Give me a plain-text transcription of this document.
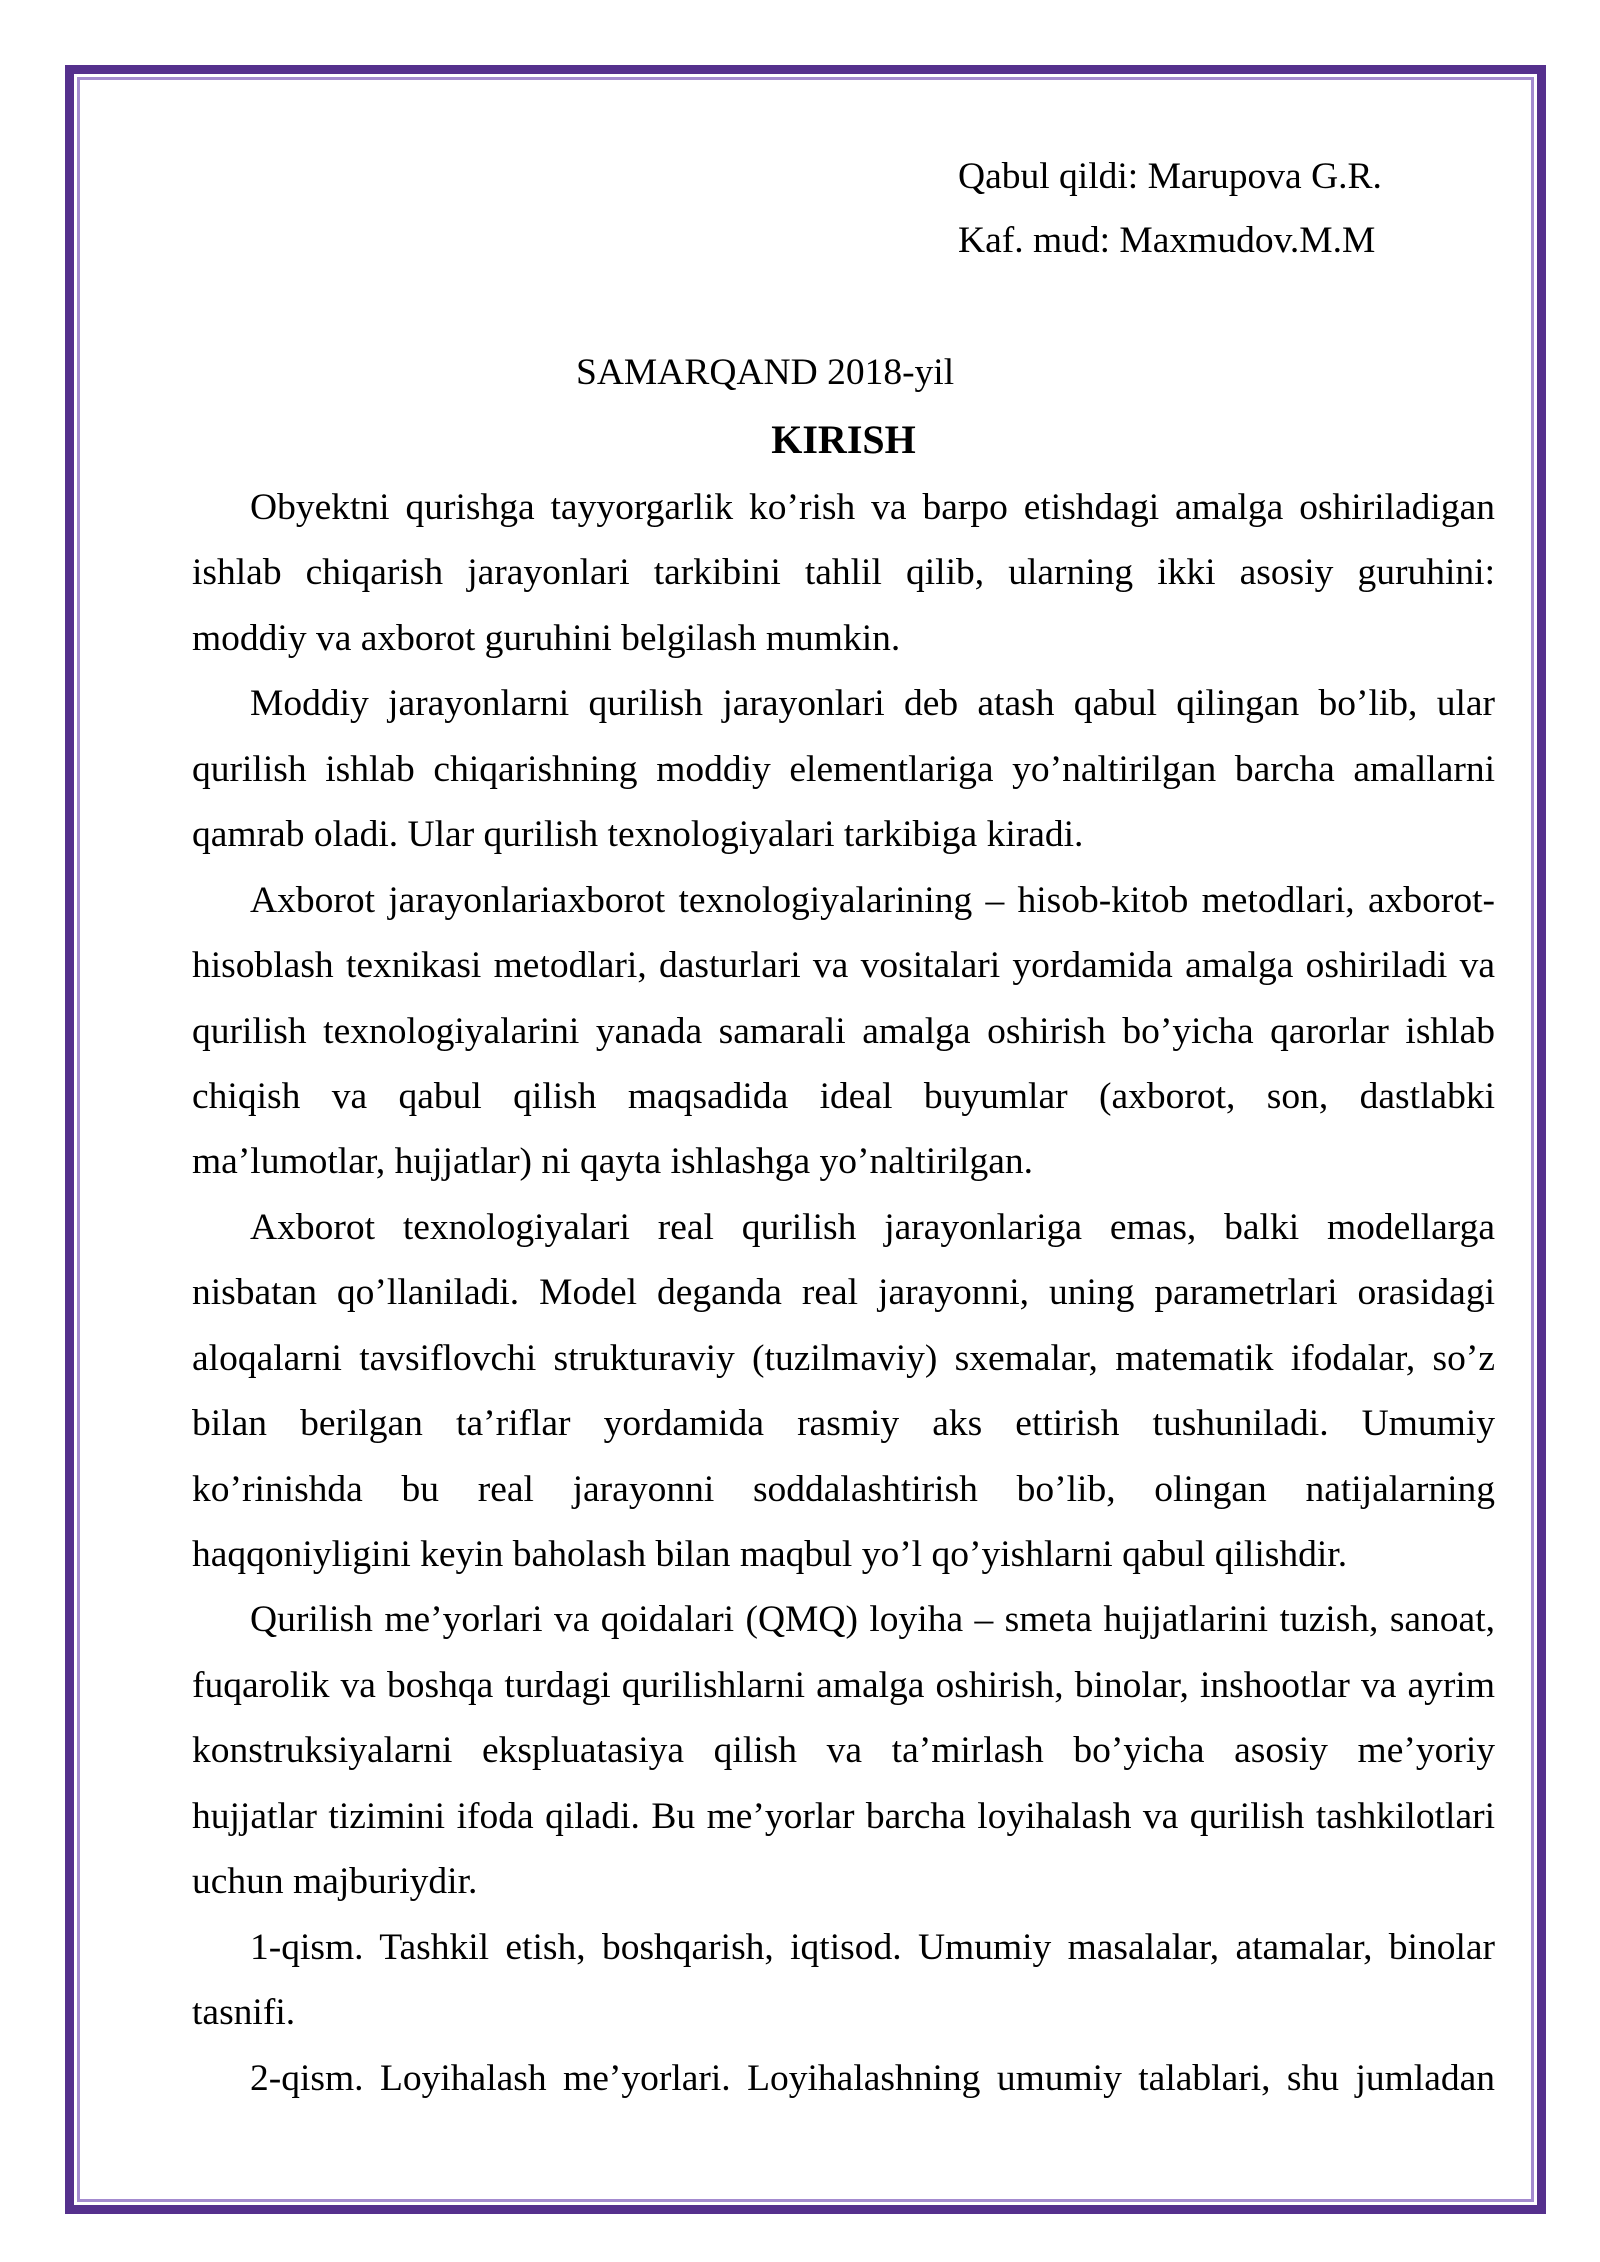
Qabul qildi: Marupova G.R.
Kaf. mud: Maxmudov.M.M
SAMARQAND 2018-yil
KIRISH
Obyektni qurishga tayyorgarlik ko’rish va barpo etishdagi amalga oshiriladigan
ishlab chiqarish jarayonlari tarkibini tahlil qilib, ularning ikki asosiy guruhini:
moddiy va axborot guruhini belgilash mumkin.
Moddiy jarayonlarni qurilish jarayonlari deb atash qabul qilingan bo’lib, ular
qurilish ishlab chiqarishning moddiy elementlariga yo’naltirilgan barcha amallarni
qamrab oladi. Ular qurilish texnologiyalari tarkibiga kiradi.
Axborot jarayonlariaxborot texnologiyalarining – hisob-kitob metodlari, axborot-
hisoblash texnikasi metodlari, dasturlari va vositalari yordamida amalga oshiriladi va
qurilish texnologiyalarini yanada samarali amalga oshirish bo’yicha qarorlar ishlab
chiqish va qabul qilish maqsadida ideal buyumlar (axborot, son, dastlabki
ma’lumotlar, hujjatlar) ni qayta ishlashga yo’naltirilgan.
Axborot texnologiyalari real qurilish jarayonlariga emas, balki modellarga
nisbatan qo’llaniladi. Model deganda real jarayonni, uning parametrlari orasidagi
aloqalarni tavsiflovchi strukturaviy (tuzilmaviy) sxemalar, matematik ifodalar, so’z
bilan berilgan ta’riflar yordamida rasmiy aks ettirish tushuniladi. Umumiy
ko’rinishda bu real jarayonni soddalashtirish bo’lib, olingan natijalarning
haqqoniyligini keyin baholash bilan maqbul yo’l qo’yishlarni qabul qilishdir.
Qurilish me’yorlari va qoidalari (QMQ) loyiha – smeta hujjatlarini tuzish, sanoat,
fuqarolik va boshqa turdagi qurilishlarni amalga oshirish, binolar, inshootlar va ayrim
konstruksiyalarni ekspluatasiya qilish va ta’mirlash bo’yicha asosiy me’yoriy
hujjatlar tizimini ifoda qiladi. Bu me’yorlar barcha loyihalash va qurilish tashkilotlari
uchun majburiydir.
1-qism. Tashkil etish, boshqarish, iqtisod. Umumiy masalalar, atamalar, binolar
tasnifi.
2-qism. Loyihalash me’yorlari. Loyihalashning umumiy talablari, shu jumladan
